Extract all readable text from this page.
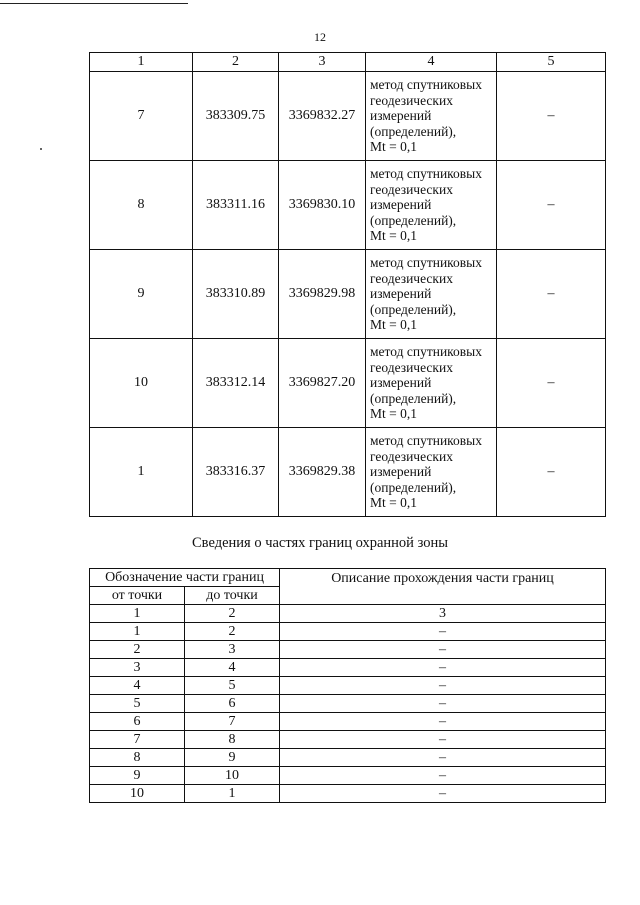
12
1	2	3	4	5
7	383309.75	3369832.27	метод спутниковых
геодезических
измерений
(определений),
Mt = 0,1	–
8	383311.16	3369830.10	метод спутниковых
геодезических
измерений
(определений),
Mt = 0,1	–
9	383310.89	3369829.98	метод спутниковых
геодезических
измерений
(определений),
Mt = 0,1	–
10	383312.14	3369827.20	метод спутниковых
геодезических
измерений
(определений),
Mt = 0,1	–
1	383316.37	3369829.38	метод спутниковых
геодезических
измерений
(определений),
Mt = 0,1	–
Сведения о частях границ охранной зоны
Обозначение части границ		Описание прохождения части границ
от точки	до точки	
1	2	3
1	2	–
2	3	–
3	4	–
4	5	–
5	6	–
6	7	–
7	8	–
8	9	–
9	10	–
10	1	–
